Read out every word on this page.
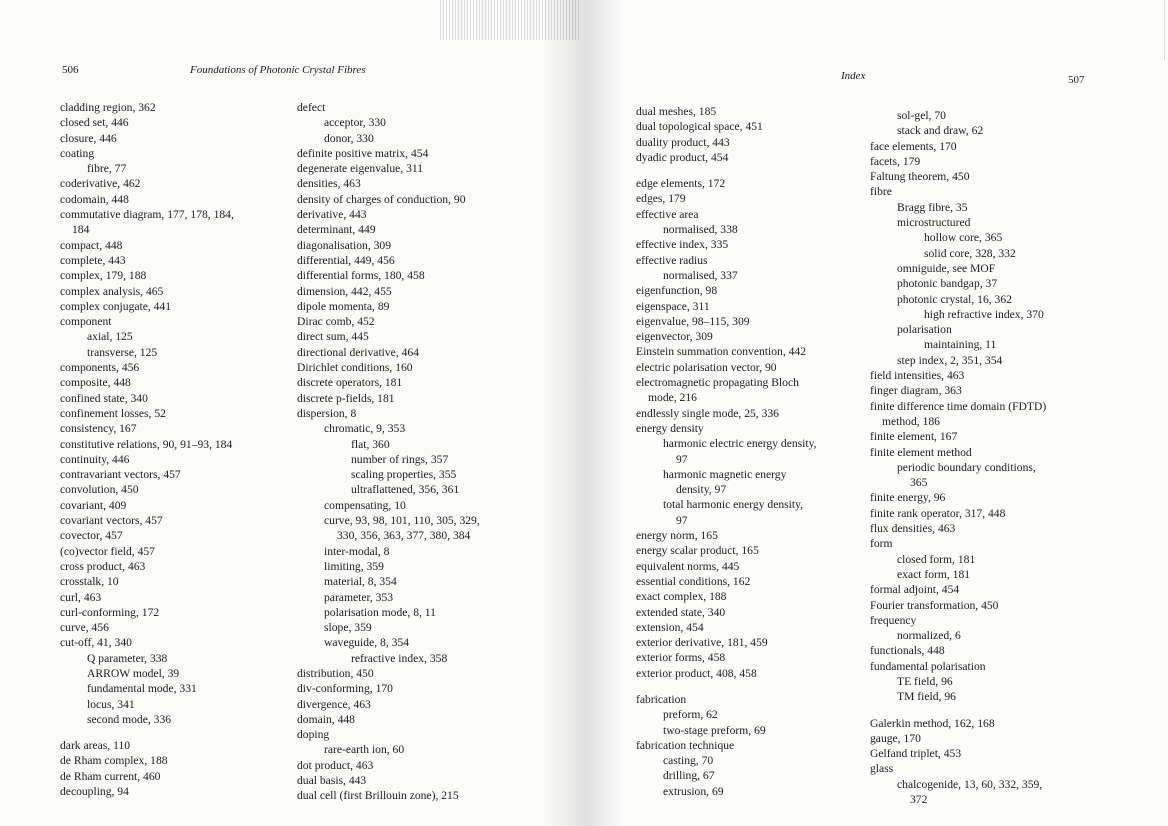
506	Foundations of Photonic Crystal Fibres
cladding region, 362
closed set, 446
closure, 446
coating
fibre, 77
coderivative, 462
codomain, 448
commutative diagram, 177, 178, 184,
184
compact, 448
complete, 443
complex, 179, 188
complex analysis, 465
complex conjugate, 441
component
axial, 125
transverse, 125
components, 456
composite, 448
confined state, 340
confinement losses, 52
consistency, 167
constitutive relations, 90, 91–93, 184
continuity, 446
contravariant vectors, 457
convolution, 450
covariant, 409
covariant vectors, 457
covector, 457
(co)vector field, 457
cross product, 463
crosstalk, 10
curl, 463
curl-conforming, 172
curve, 456
cut-off, 41, 340
Q parameter, 338
ARROW model, 39
fundamental mode, 331
locus, 341
second mode, 336
dark areas, 110
de Rham complex, 188
de Rham current, 460
decoupling, 94
defect
acceptor, 330
donor, 330
definite positive matrix, 454
degenerate eigenvalue, 311
densities, 463
density of charges of conduction, 90
derivative, 443
determinant, 449
diagonalisation, 309
differential, 449, 456
differential forms, 180, 458
dimension, 442, 455
dipole momenta, 89
Dirac comb, 452
direct sum, 445
directional derivative, 464
Dirichlet conditions, 160
discrete operators, 181
discrete p-fields, 181
dispersion, 8
chromatic, 9, 353
flat, 360
number of rings, 357
scaling properties, 355
ultraflattened, 356, 361
compensating, 10
curve, 93, 98, 101, 110, 305, 329,
330, 356, 363, 377, 380, 384
inter-modal, 8
limiting, 359
material, 8, 354
parameter, 353
polarisation mode, 8, 11
slope, 359
waveguide, 8, 354
refractive index, 358
distribution, 450
div-conforming, 170
divergence, 463
domain, 448
doping
rare-earth ion, 60
dot product, 463
dual basis, 443
dual cell (first Brillouin zone), 215
Index	507
dual meshes, 185
dual topological space, 451
duality product, 443
dyadic product, 454
edge elements, 172
edges, 179
effective area
normalised, 338
effective index, 335
effective radius
normalised, 337
eigenfunction, 98
eigenspace, 311
eigenvalue, 98–115, 309
eigenvector, 309
Einstein summation convention, 442
electric polarisation vector, 90
electromagnetic propagating Bloch
mode, 216
endlessly single mode, 25, 336
energy density
harmonic electric energy density,
97
harmonic magnetic energy
density, 97
total harmonic energy density,
97
energy norm, 165
energy scalar product, 165
equivalent norms, 445
essential conditions, 162
exact complex, 188
extended state, 340
extension, 454
exterior derivative, 181, 459
exterior forms, 458
exterior product, 408, 458
fabrication
preform, 62
two-stage preform, 69
fabrication technique
casting, 70
drilling, 67
extrusion, 69
sol-gel, 70
stack and draw, 62
face elements, 170
facets, 179
Faltung theorem, 450
fibre
Bragg fibre, 35
microstructured
hollow core, 365
solid core, 328, 332
omniguide, see MOF
photonic bandgap, 37
photonic crystal, 16, 362
high refractive index, 370
polarisation
maintaining, 11
step index, 2, 351, 354
field intensities, 463
finger diagram, 363
finite difference time domain (FDTD)
method, 186
finite element, 167
finite element method
periodic boundary conditions,
365
finite energy, 96
finite rank operator, 317, 448
flux densities, 463
form
closed form, 181
exact form, 181
formal adjoint, 454
Fourier transformation, 450
frequency
normalized, 6
functionals, 448
fundamental polarisation
TE field, 96
TM field, 96
Galerkin method, 162, 168
gauge, 170
Gelfand triplet, 453
glass
chalcogenide, 13, 60, 332, 359,
372
